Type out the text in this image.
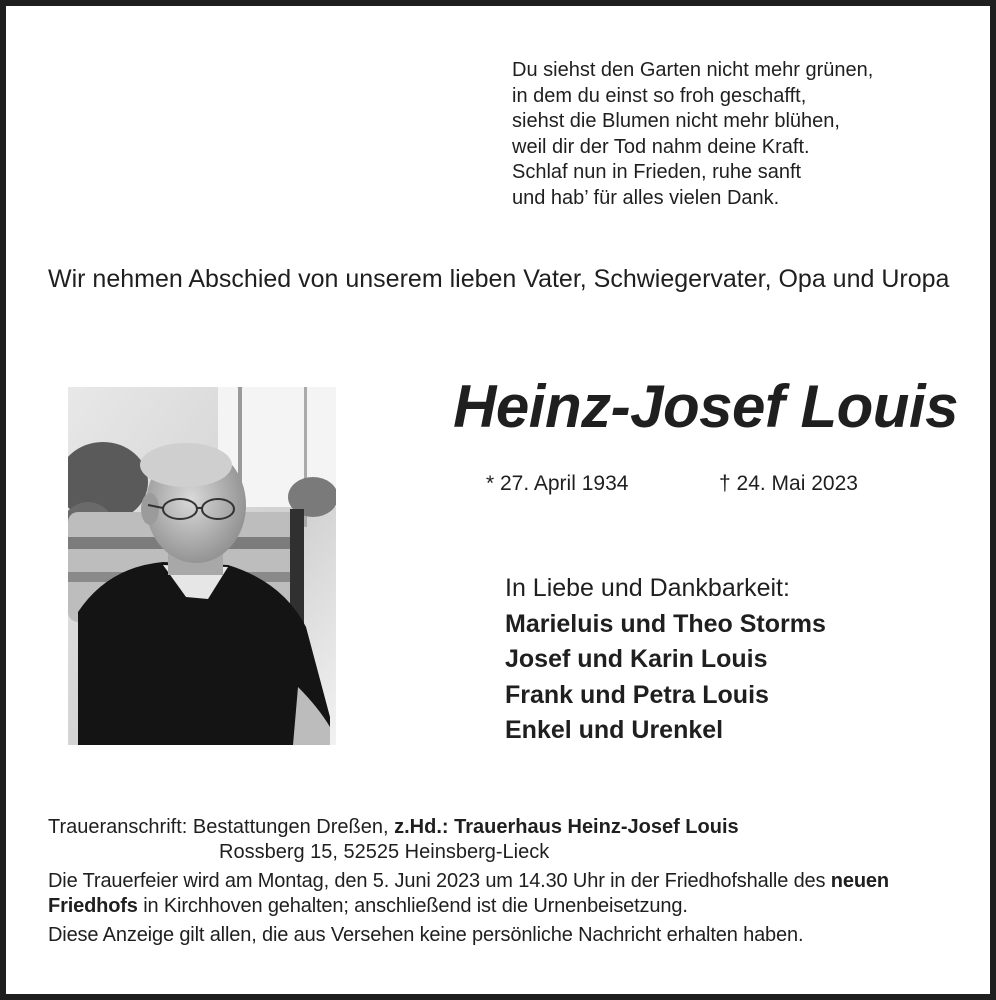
Du siehst den Garten nicht mehr grünen,
in dem du einst so froh geschafft,
siehst die Blumen nicht mehr blühen,
weil dir der Tod nahm deine Kraft.
Schlaf nun in Frieden, ruhe sanft
und hab’ für alles vielen Dank.
Wir nehmen Abschied von unserem lieben Vater, Schwiegervater, Opa und Uropa
Heinz-Josef Louis
* 27. April 1934	† 24. Mai 2023
In Liebe und Dankbarkeit:
Marieluis und Theo Storms
Josef und Karin Louis
Frank und Petra Louis
Enkel und Urenkel
Traueranschrift: Bestattungen Dreßen, z.Hd.: Trauerhaus Heinz-Josef Louis
Rossberg 15, 52525 Heinsberg-Lieck
Die Trauerfeier wird am Montag, den 5. Juni 2023 um 14.30 Uhr in der Friedhofshalle des neuen Friedhofs in Kirchhoven gehalten; anschließend ist die Urnenbeisetzung.
Diese Anzeige gilt allen, die aus Versehen keine persönliche Nachricht erhalten haben.
